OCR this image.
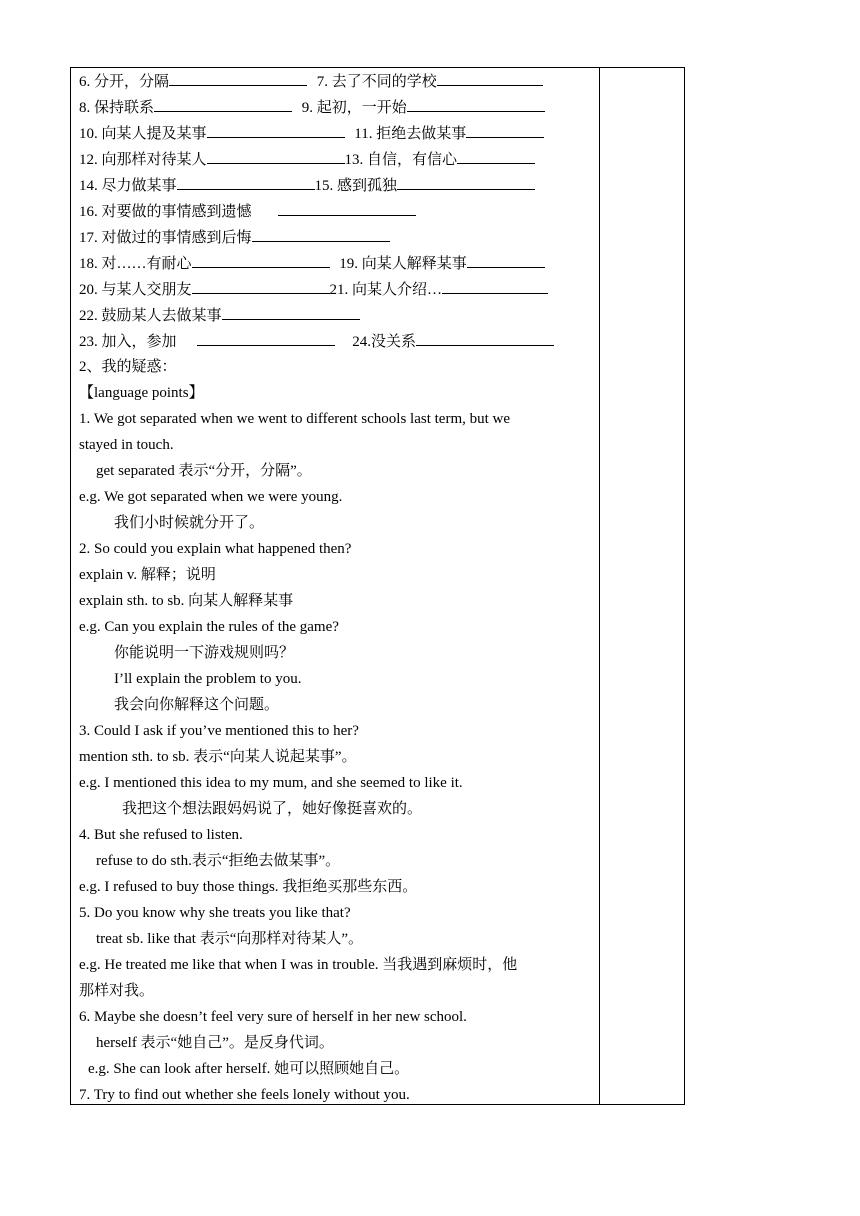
6. 分开，分隔	7. 去了不同的学校
8. 保持联系	9. 起初，一开始
10. 向某人提及某事	11. 拒绝去做某事
12. 向那样对待某人	13. 自信，有信心
14. 尽力做某事	15. 感到孤独
16. 对要做的事情感到遗憾
17. 对做过的事情感到后悔
18. 对……有耐心	19. 向某人解释某事
20. 与某人交朋友	21. 向某人介绍…
22. 鼓励某人去做某事
23. 加入，参加	24.没关系
2、我的疑惑：
【language points】
1. We got separated when we went to different schools last term, but we
stayed in touch.
get separated 表示“分开，分隔”。
e.g. We got separated when we were young.
我们小时候就分开了。
2. So could you explain what happened then?
explain v. 解释；说明
explain sth. to sb. 向某人解释某事
e.g. Can you explain the rules of the game?
你能说明一下游戏规则吗？
I’ll explain the problem to you.
我会向你解释这个问题。
3. Could I ask if you’ve mentioned this to her?
mention sth. to sb. 表示“向某人说起某事”。
e.g. I mentioned this idea to my mum, and she seemed to like it.
我把这个想法跟妈妈说了，她好像挺喜欢的。
4. But she refused to listen.
refuse to do sth.表示“拒绝去做某事”。
e.g. I refused to buy those things. 我拒绝买那些东西。
5. Do you know why she treats you like that?
treat sb. like that 表示“向那样对待某人”。
e.g. He treated me like that when I was in trouble. 当我遇到麻烦时，他
那样对我。
6. Maybe she doesn’t feel very sure of herself in her new school.
herself 表示“她自己”。是反身代词。
e.g. She can look after herself. 她可以照顾她自己。
7. Try to find out whether she feels lonely without you.
